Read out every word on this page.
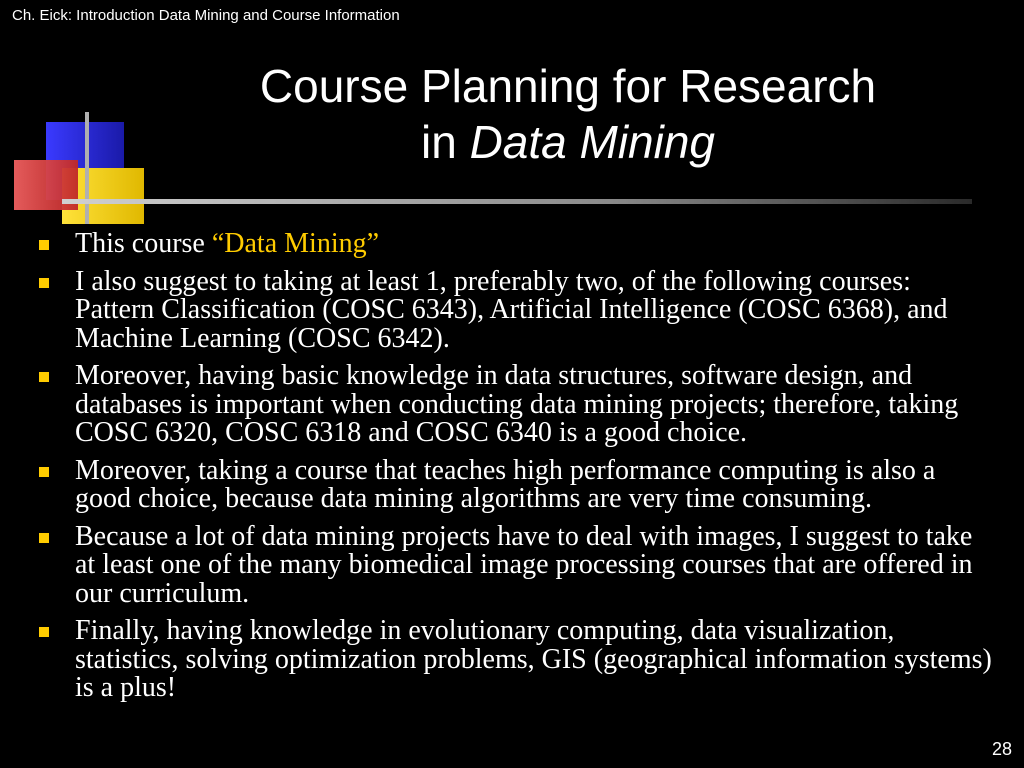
Ch. Eick: Introduction Data Mining and Course Information
Course Planning for Research
in Data Mining
This course “Data Mining”
I also suggest to taking at least 1, preferably two, of the following courses: Pattern Classification (COSC 6343), Artificial Intelligence (COSC 6368), and Machine Learning (COSC 6342).
Moreover, having basic knowledge in data structures, software design, and databases is important when conducting data mining projects; therefore, taking COSC 6320, COSC 6318 and COSC 6340 is a good choice.
Moreover, taking a course that teaches high performance computing is also a good choice, because data mining algorithms are very time consuming.
Because a lot of data mining projects have to deal with images, I suggest to take at least one of the many biomedical image processing courses that are offered in our curriculum.
Finally, having knowledge in evolutionary computing, data visualization, statistics, solving optimization problems, GIS (geographical information systems) is a plus!
28
